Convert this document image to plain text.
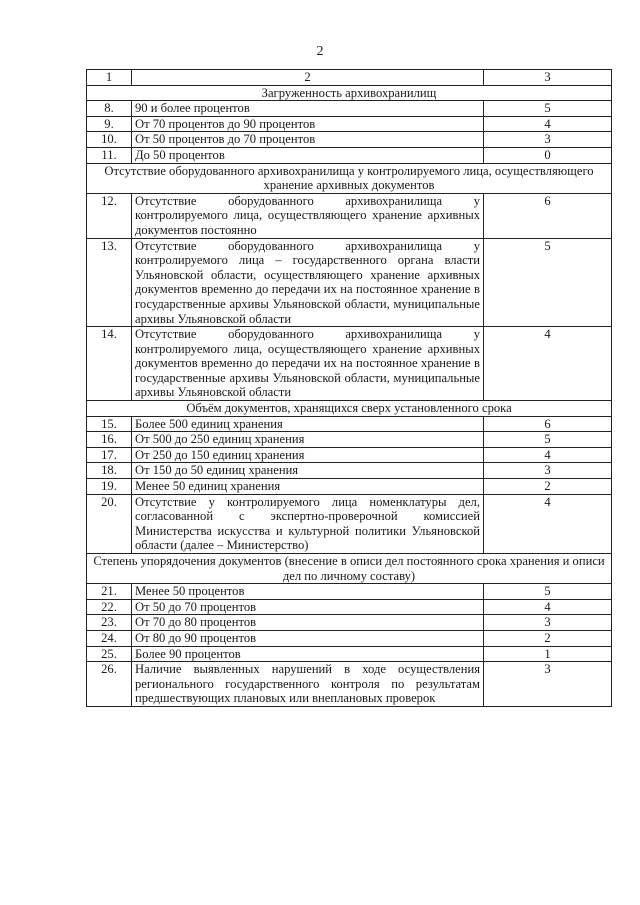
2
1	2	3
Загруженность архивохранилищ		
8.	90 и более процентов	5
9.	От 70 процентов до 90 процентов	4
10.	От 50 процентов до 70 процентов	3
11.	До 50 процентов	0
Отсутствие оборудованного архивохранилища у контролируемого лица, осуществляющего хранение архивных документов		
12.	Отсутствие оборудованного архивохранилища у контролируемого лица, осуществляющего хранение архивных документов постоянно	6
13.	Отсутствие оборудованного архивохранилища у контролируемого лица – государственного органа власти Ульяновской области, осуществляющего хранение архивных документов временно до передачи их на постоянное хранение в государственные архивы Ульяновской области, муниципальные архивы Ульяновской области	5
14.	Отсутствие оборудованного архивохранилища у контролируемого лица, осуществляющего хранение архивных документов временно до передачи их на постоянное хранение в государственные архивы Ульяновской области, муниципальные архивы Ульяновской области	4
Объём документов, хранящихся сверх установленного срока		
15.	Более 500 единиц хранения	6
16.	От 500 до 250 единиц хранения	5
17.	От 250 до 150 единиц хранения	4
18.	От 150 до 50 единиц хранения	3
19.	Менее 50 единиц хранения	2
20.	Отсутствие у контролируемого лица номенклатуры дел, согласованной с экспертно-проверочной комиссией Министерства искусства и культурной политики Ульяновской области (далее – Министерство)	4
Степень упорядочения документов (внесение в описи дел постоянного срока хранения и описи дел по личному составу)		
21.	Менее 50 процентов	5
22.	От 50 до 70 процентов	4
23.	От 70 до 80 процентов	3
24.	От 80 до 90 процентов	2
25.	Более 90 процентов	1
26.	Наличие выявленных нарушений в ходе осуществления регионального государственного контроля по результатам предшествующих плановых или внеплановых проверок	3
